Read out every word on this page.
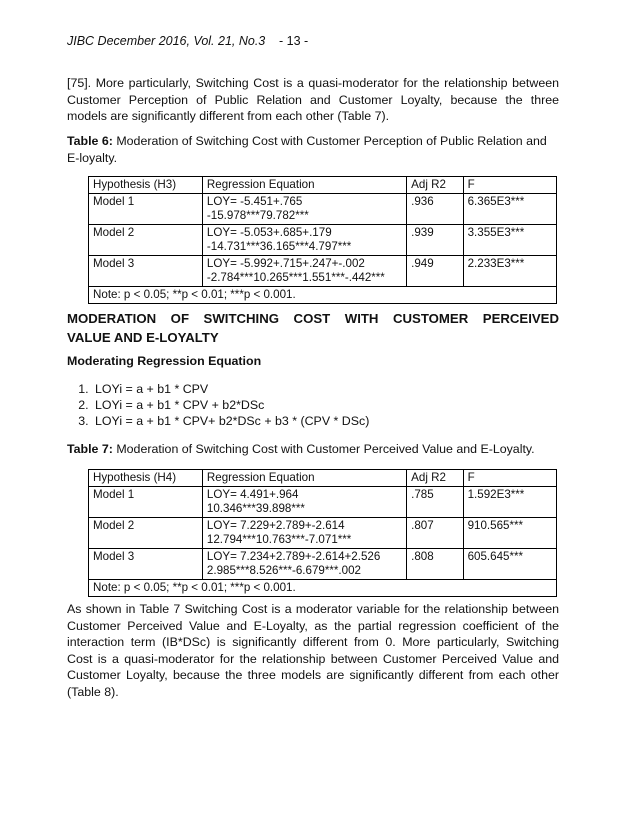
JIBC December 2016, Vol. 21, No.3 - 13 -
[75]. More particularly, Switching Cost is a quasi-moderator for the relationship between
Customer Perception of Public Relation and Customer Loyalty, because the three
models are significantly different from each other (Table 7).
Table 6: Moderation of Switching Cost with Customer Perception of Public Relation and E-loyalty.
Hypothesis (H3)	Regression Equation	Adj R2	F
Model 1	LOY= -5.451+.765
-15.978***79.782***	.936	6.365E3***
Model 2	LOY= -5.053+.685+.179
-14.731***36.165***4.797***	.939	3.355E3***
Model 3	LOY= -5.992+.715+.247+-.002
-2.784***10.265***1.551***-.442***	.949	2.233E3***
Note: p < 0.05; **p < 0.01; ***p < 0.001.			
MODERATION OF SWITCHING COST WITH CUSTOMER PERCEIVED
VALUE AND E-LOYALTY
Moderating Regression Equation
1. LOYi = a + b1 * CPV
2. LOYi = a + b1 * CPV + b2*DSc
3. LOYi = a + b1 * CPV+ b2*DSc + b3 * (CPV * DSc)
Table 7: Moderation of Switching Cost with Customer Perceived Value and E-Loyalty.
Hypothesis (H4)	Regression Equation	Adj R2	F
Model 1	LOY= 4.491+.964
10.346***39.898***	.785	1.592E3***
Model 2	LOY= 7.229+2.789+-2.614
12.794***10.763***-7.071***	.807	910.565***
Model 3	LOY= 7.234+2.789+-2.614+2.526
2.985***8.526***-6.679***.002	.808	605.645***
Note: p < 0.05; **p < 0.01; ***p < 0.001.			
As shown in Table 7 Switching Cost is a moderator variable for the relationship between
Customer Perceived Value and E-Loyalty, as the partial regression coefficient of the
interaction term (IB*DSc) is significantly different from 0. More particularly, Switching
Cost is a quasi-moderator for the relationship between Customer Perceived Value and
Customer Loyalty, because the three models are significantly different from each other
(Table 8).
